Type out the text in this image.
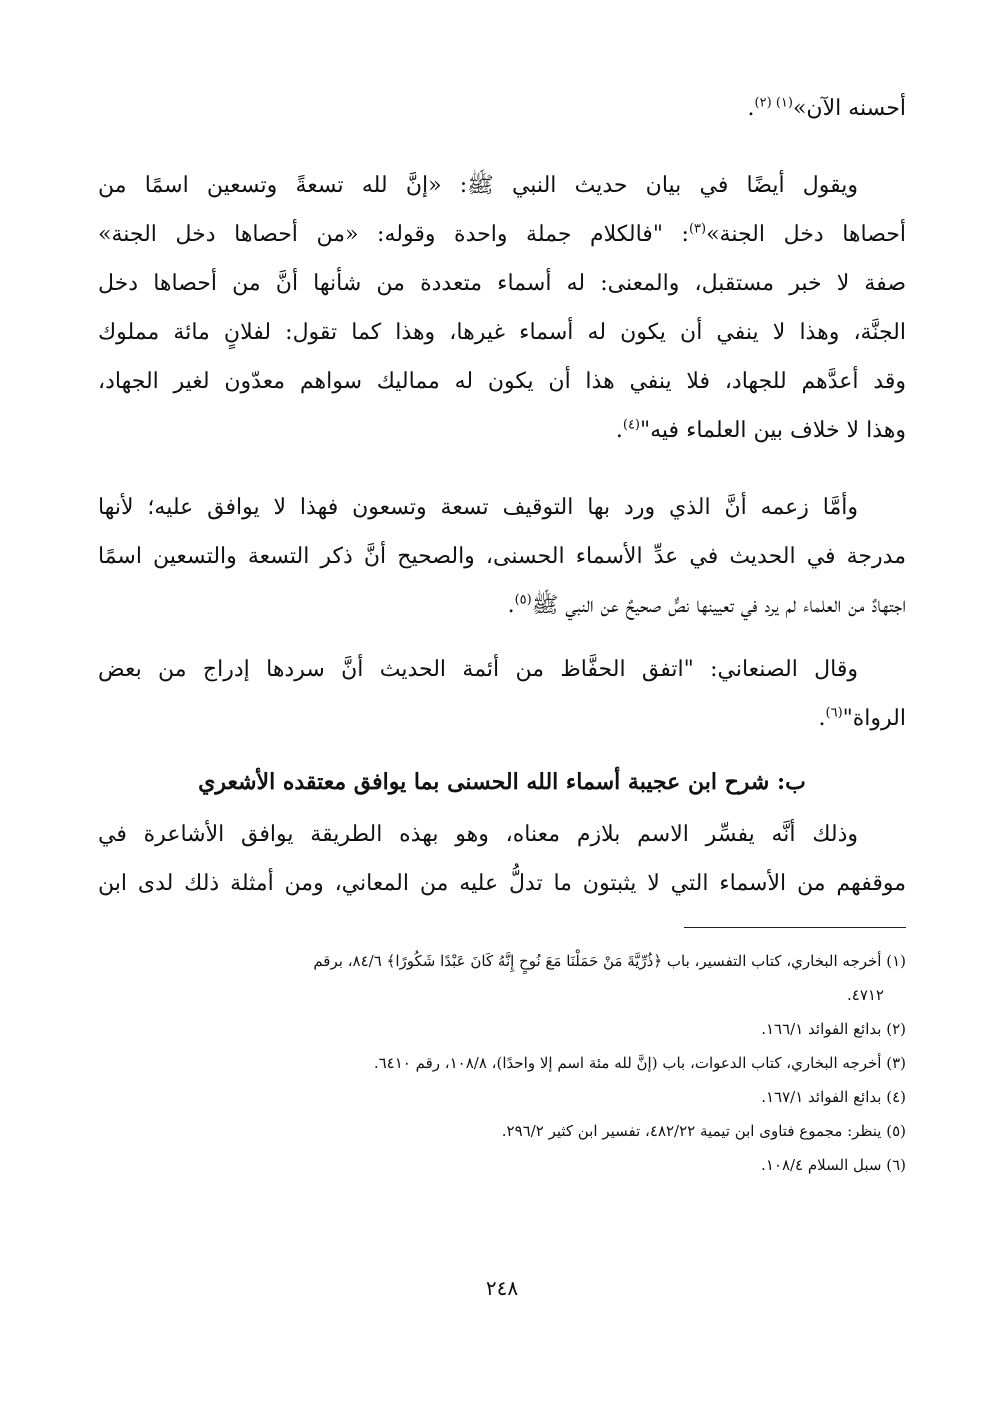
أحسنه الآن»$^{(١) (٢)}$.
ويقول أيضًا في بيان حديث النبي ﷺ: «إنَّ لله تسعةً وتسعين اسمًا من
أحصاها دخل الجنة»$^{(٣)}$: "فالكلام جملة واحدة وقوله: «من أحصاها دخل الجنة»
صفة لا خبر مستقبل، والمعنى: له أسماء متعددة من شأنها أنَّ من أحصاها دخل
الجنَّة، وهذا لا ينفي أن يكون له أسماء غيرها، وهذا كما تقول: لفلانٍ مائة مملوك
وقد أعدَّهم للجهاد، فلا ينفي هذا أن يكون له مماليك سواهم معدّون لغير الجهاد،
وهذا لا خلاف بين العلماء فيه"$^{(٤)}$.
وأمَّا زعمه أنَّ الذي ورد بها التوقيف تسعة وتسعون فهذا لا يوافق عليه؛ لأنها
مدرجة في الحديث في عدِّ الأسماء الحسنى، والصحيح أنَّ ذكر التسعة والتسعين اسمًا
اجتهادٌ من العلماء لم يرد في تعيينها نصٌّ صحيحٌ عن النبي ﷺ$^{(٥)}$.
وقال الصنعاني: "اتفق الحفَّاظ من أئمة الحديث أنَّ سردها إدراج من بعض
الرواة"$^{(٦)}$.
ب: شرح ابن عجيبة أسماء الله الحسنى بما يوافق معتقده الأشعري
وذلك أنَّه يفسِّر الاسم بلازم معناه، وهو بهذه الطريقة يوافق الأشاعرة في
موقفهم من الأسماء التي لا يثبتون ما تدلُّ عليه من المعاني، ومن أمثلة ذلك لدى ابن
(١) أخرجه البخاري، كتاب التفسير، باب ﴿ذُرِّيَّةَ مَنْ حَمَلْنَا مَعَ نُوحٍ إِنَّهُ كَانَ عَبْدًا شَكُورًا﴾ ٨٤/٦، برقم
٤٧١٢.
(٢) بدائع الفوائد ١٦٦/١.
(٣) أخرجه البخاري، كتاب الدعوات، باب (إنَّ لله مئة اسم إلا واحدًا)، ١٠٨/٨، رقم ٦٤١٠.
(٤) بدائع الفوائد ١٦٧/١.
(٥) ينظر: مجموع فتاوى ابن تيمية ٤٨٢/٢٢، تفسير ابن كثير ٢٩٦/٢.
(٦) سبل السلام ١٠٨/٤.
٢٤٨
